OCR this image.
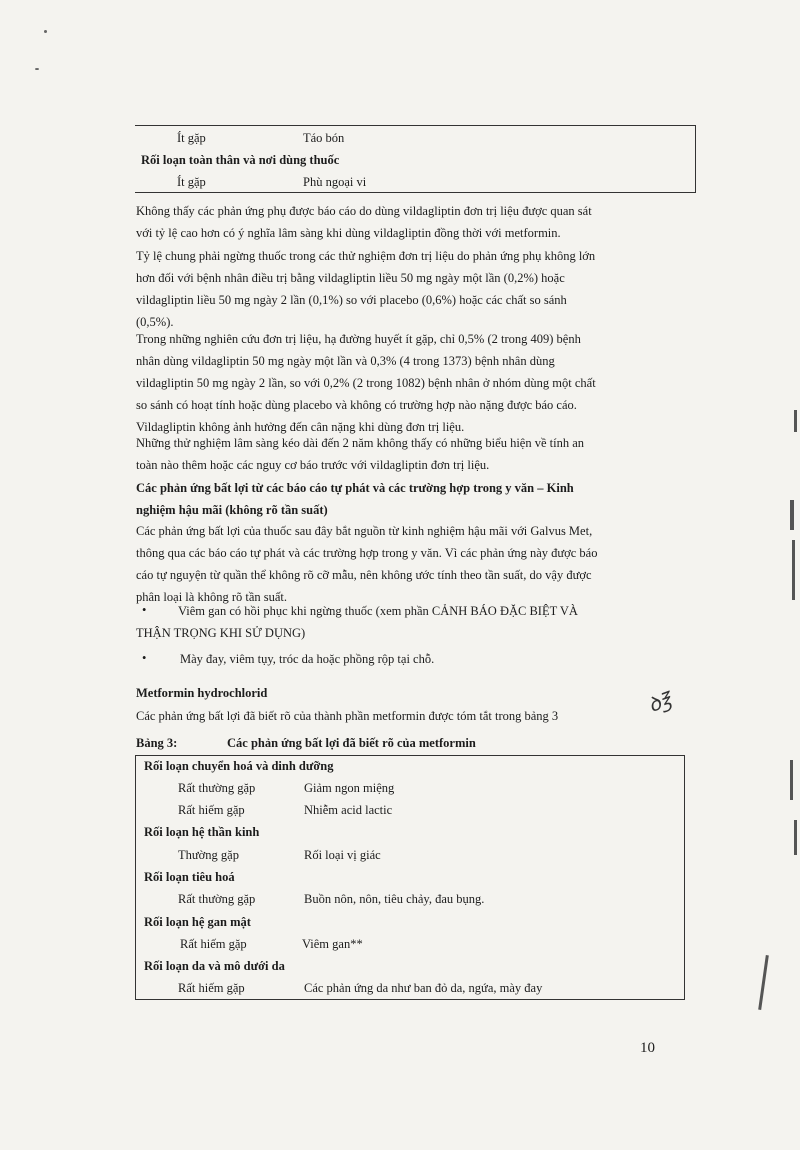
Ít gặp	Táo bón
Rối loạn toàn thân và nơi dùng thuốc
Ít gặp	Phù ngoại vi
Không thấy các phản ứng phụ được báo cáo do dùng vildagliptin đơn trị liệu được quan sát
với tỷ lệ cao hơn có ý nghĩa lâm sàng khi dùng vildagliptin đồng thời với metformin.
Tỷ lệ chung phải ngừng thuốc trong các thử nghiệm đơn trị liệu do phản ứng phụ không lớn
hơn đối với bệnh nhân điều trị bằng vildagliptin liều 50 mg ngày một lần (0,2%) hoặc
vildagliptin liều 50 mg ngày 2 lần (0,1%) so với placebo (0,6%) hoặc các chất so sánh
(0,5%).
Trong những nghiên cứu đơn trị liệu, hạ đường huyết ít gặp, chỉ 0,5% (2 trong 409) bệnh
nhân dùng vildagliptin 50 mg ngày một lần và 0,3% (4 trong 1373) bệnh nhân dùng
vildagliptin 50 mg ngày 2 lần, so với 0,2% (2 trong 1082) bệnh nhân ở nhóm dùng một chất
so sánh có hoạt tính hoặc dùng placebo và không có trường hợp nào nặng được báo cáo.
Vildagliptin không ảnh hưởng đến cân nặng khi dùng đơn trị liệu.
Những thử nghiệm lâm sàng kéo dài đến 2 năm không thấy có những biểu hiện về tính an
toàn nào thêm hoặc các nguy cơ báo trước với vildagliptin đơn trị liệu.
Các phản ứng bất lợi từ các báo cáo tự phát và các trường hợp trong y văn – Kinh
nghiệm hậu mãi (không rõ tần suất)
Các phản ứng bất lợi của thuốc sau đây bắt nguồn từ kinh nghiệm hậu mãi với Galvus Met,
thông qua các báo cáo tự phát và các trường hợp trong y văn. Vì các phản ứng này được báo
cáo tự nguyện từ quần thể không rõ cỡ mẫu, nên không ước tính theo tần suất, do vậy được
phân loại là không rõ tần suất.
•	Viêm gan có hồi phục khi ngừng thuốc (xem phần CẢNH BÁO ĐẶC BIỆT VÀ
THẬN TRỌNG KHI SỬ DỤNG)
•	Mày đay, viêm tụy, tróc da hoặc phồng rộp tại chỗ.
Metformin hydrochlorid
Các phản ứng bất lợi đã biết rõ của thành phần metformin được tóm tắt trong bảng 3	ꝺ℥
Bảng 3:	Các phản ứng bất lợi đã biết rõ của metformin
Rối loạn chuyển hoá và dinh dưỡng
Rất thường gặp	Giảm ngon miệng
Rất hiếm gặp	Nhiễm acid lactic
Rối loạn hệ thần kinh
Thường gặp	Rối loại vị giác
Rối loạn tiêu hoá
Rất thường gặp	Buồn nôn, nôn, tiêu chảy, đau bụng.
Rối loạn hệ gan mật
Rất hiếm gặp	Viêm gan**
Rối loạn da và mô dưới da
Rất hiếm gặp	Các phản ứng da như ban đỏ da, ngứa, mày đay
10
